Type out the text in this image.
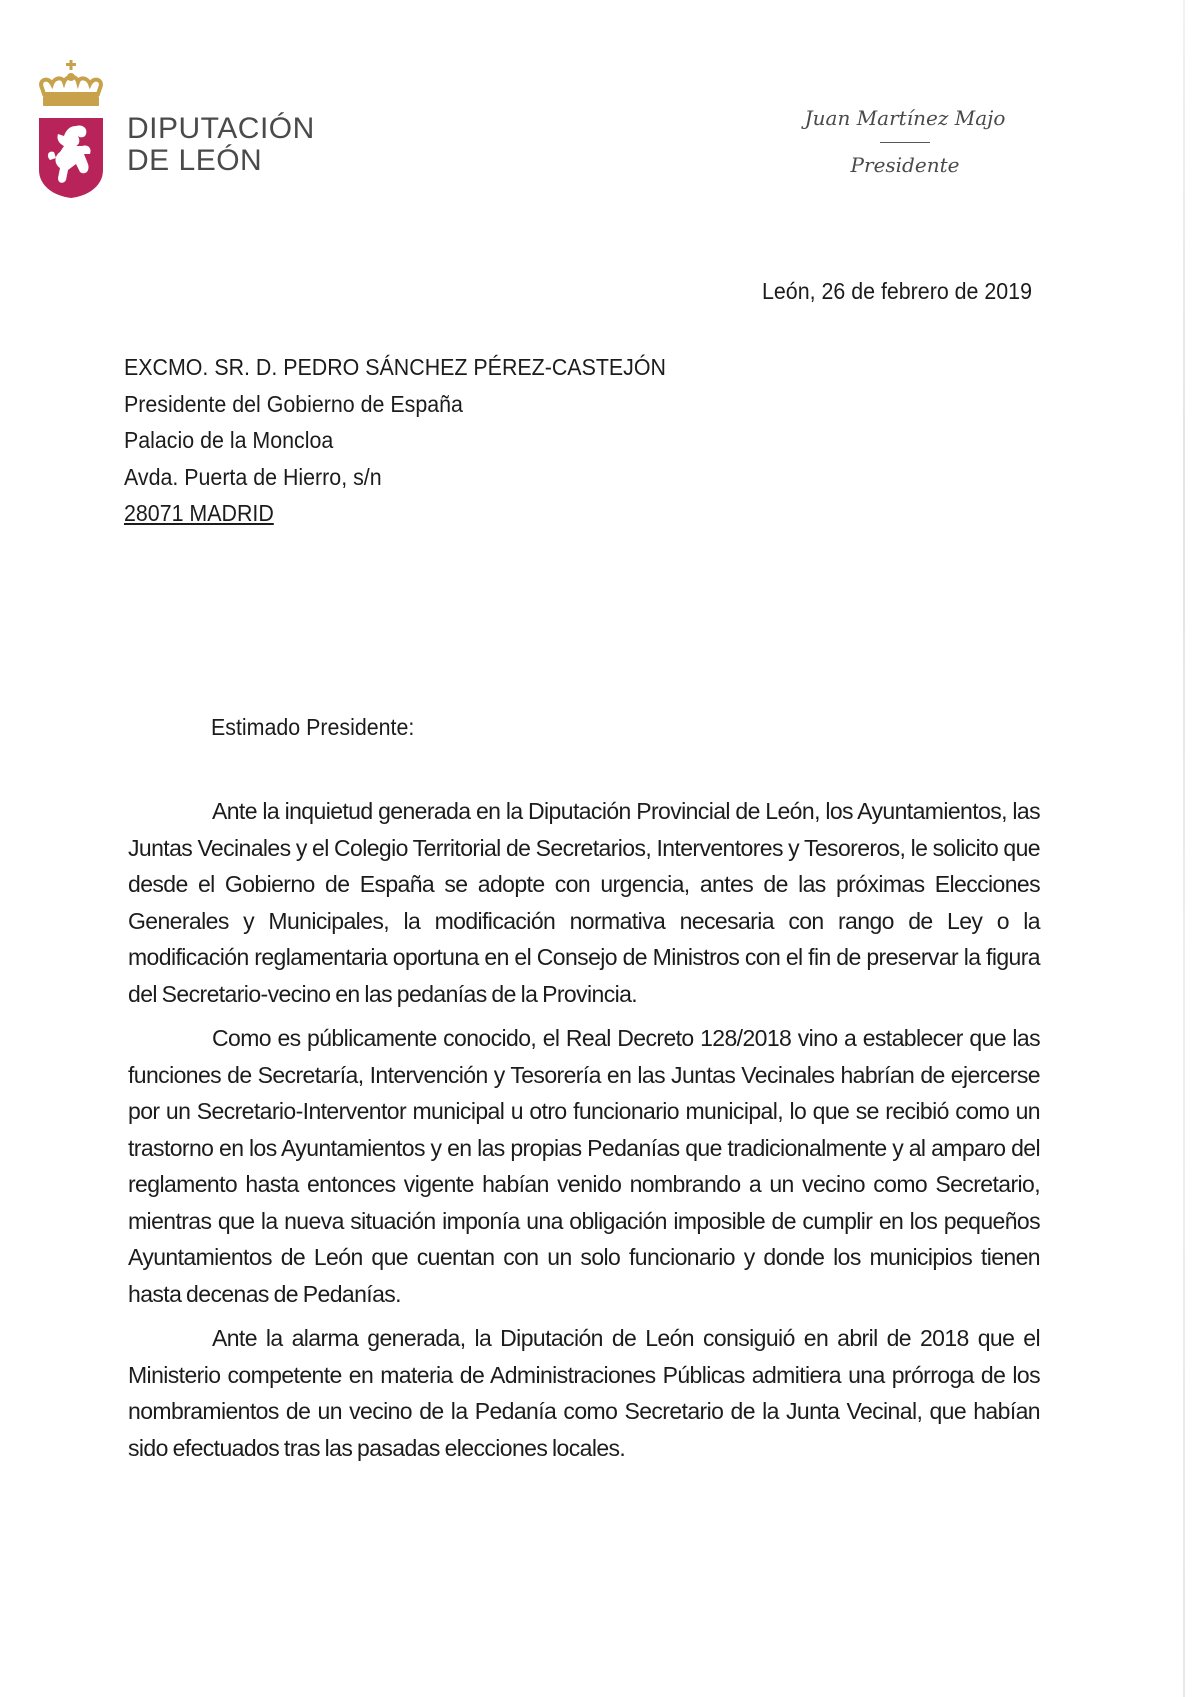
DIPUTACIÓN
DE LEÓN
Juan Martínez Majo
Presidente
León, 26 de febrero de 2019
EXCMO. SR. D. PEDRO SÁNCHEZ PÉREZ-CASTEJÓN
Presidente del Gobierno de España
Palacio de la Moncloa
Avda. Puerta de Hierro, s/n
28071 MADRID
Estimado Presidente:

Ante la inquietud generada en la Diputación Provincial de León, los Ayuntamientos, las Juntas Vecinales y el Colegio Territorial de Secretarios, Interventores y Tesoreros, le solicito que desde el Gobierno de España se adopte con urgencia, antes de las próximas Elecciones Generales y Municipales, la modificación normativa necesaria con rango de Ley o la modificación reglamentaria oportuna en el Consejo de Ministros con el fin de preservar la figura del Secretario-vecino en las pedanías de la Provincia.

Como es públicamente conocido, el Real Decreto 128/2018 vino a establecer que las funciones de Secretaría, Intervención y Tesorería en las Juntas Vecinales habrían de ejercerse por un Secretario-Interventor municipal u otro funcionario municipal, lo que se recibió como un trastorno en los Ayuntamientos y en las propias Pedanías que tradicionalmente y al amparo del reglamento hasta entonces vigente habían venido nombrando a un vecino como Secretario, mientras que la nueva situación imponía una obligación imposible de cumplir en los pequeños Ayuntamientos de León que cuentan con un solo funcionario y donde los municipios tienen hasta decenas de Pedanías.

Ante la alarma generada, la Diputación de León consiguió en abril de 2018 que el Ministerio competente en materia de Administraciones Públicas admitiera una prórroga de los nombramientos de un vecino de la Pedanía como Secretario de la Junta Vecinal, que habían sido efectuados tras las pasadas elecciones locales.
